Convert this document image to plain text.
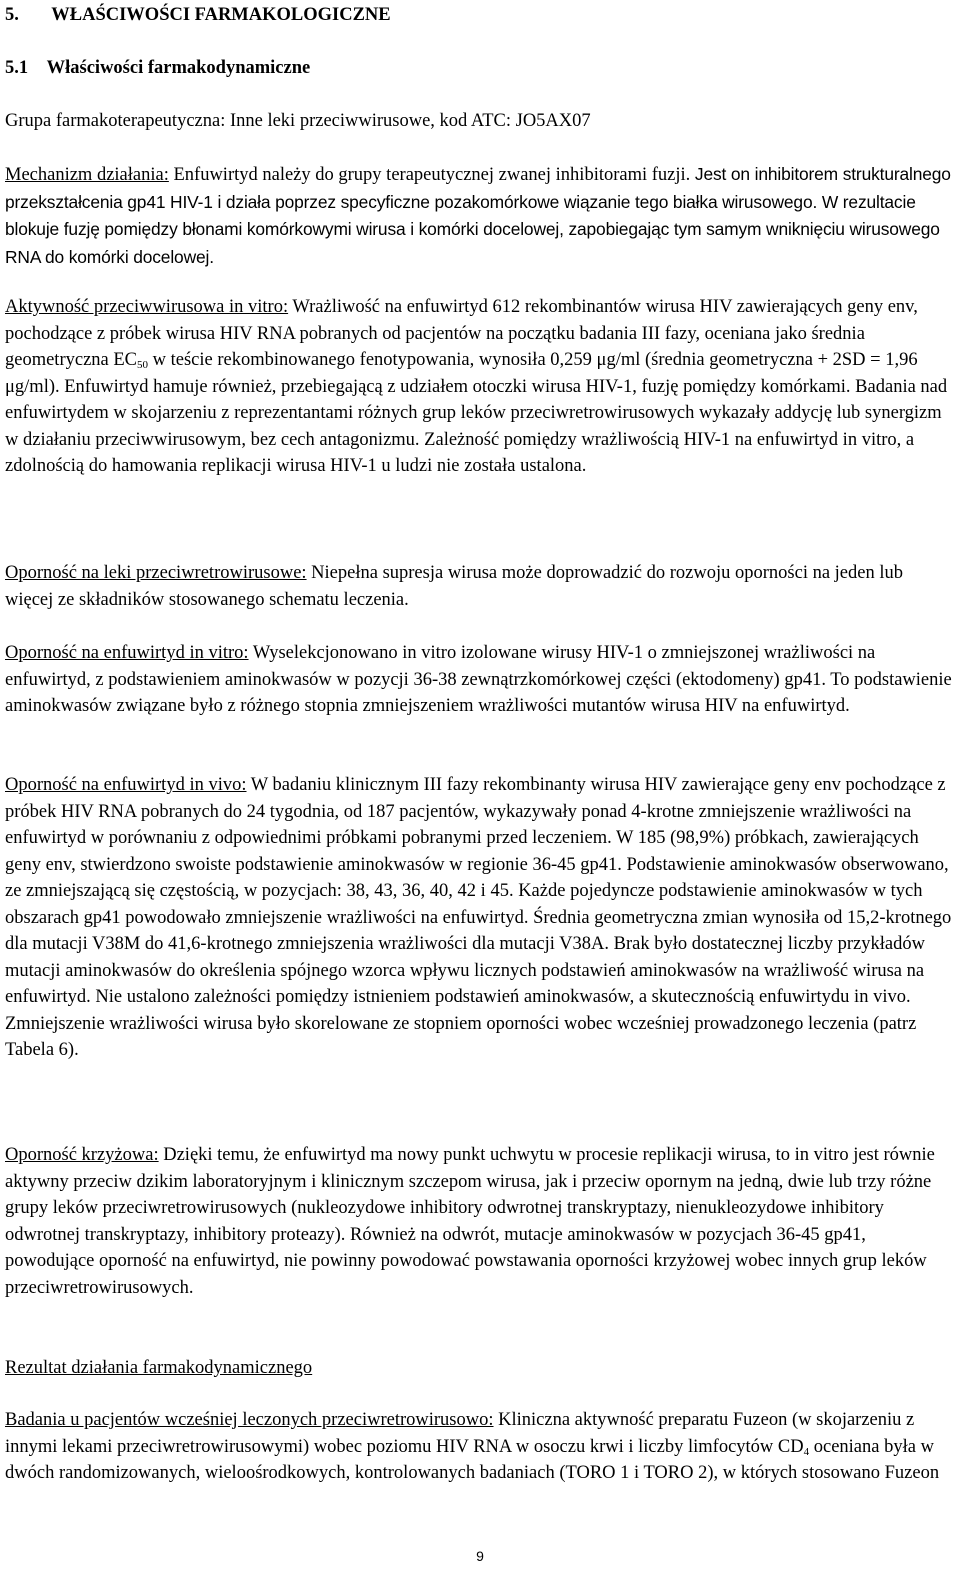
5.       WŁAŚCIWOŚCI FARMAKOLOGICZNE

5.1    Właściwości farmakodynamiczne

Grupa farmakoterapeutyczna: Inne leki przeciwwirusowe, kod ATC: JO5AX07

Mechanizm działania: Enfuwirtyd należy do grupy terapeutycznej zwanej inhibitorami fuzji. Jest on inhibitorem strukturalnego przekształcenia gp41 HIV-1 i działa poprzez specyficzne pozakomórkowe wiązanie tego białka wirusowego. W rezultacie blokuje fuzję pomiędzy błonami komórkowymi wirusa i komórki docelowej, zapobiegając tym samym wniknięciu wirusowego RNA do komórki docelowej.

Aktywność przeciwwirusowa in vitro: Wrażliwość na enfuwirtyd 612 rekombinantów wirusa HIV zawierających geny env, pochodzące z próbek wirusa HIV RNA pobranych od pacjentów na początku badania III fazy, oceniana jako średnia geometryczna $EC_{50}$ w teście rekombinowanego fenotypowania, wynosiła 0,259 μg/ml (średnia geometryczna + 2SD = 1,96 μg/ml). Enfuwirtyd hamuje również, przebiegającą z udziałem otoczki wirusa HIV-1, fuzję pomiędzy komórkami. Badania nad enfuwirtydem w skojarzeniu z reprezentantami różnych grup leków przeciwretrowirusowych wykazały addycję lub synergizm w działaniu przeciwwirusowym, bez cech antagonizmu. Zależność pomiędzy wrażliwością HIV-1 na enfuwirtyd in vitro, a zdolnością do hamowania replikacji wirusa HIV-1 u ludzi nie została ustalona.

Oporność na leki przeciwretrowirusowe: Niepełna supresja wirusa może doprowadzić do rozwoju oporności na jeden lub więcej ze składników stosowanego schematu leczenia.

Oporność na enfuwirtyd in vitro: Wyselekcjonowano in vitro izolowane wirusy HIV-1 o zmniejszonej wrażliwości na enfuwirtyd, z podstawieniem aminokwasów w pozycji 36-38 zewnątrzkomórkowej części (ektodomeny) gp41. To podstawienie aminokwasów związane było z różnego stopnia zmniejszeniem wrażliwości mutantów wirusa HIV na enfuwirtyd.

Oporność na enfuwirtyd in vivo: W badaniu klinicznym III fazy rekombinanty wirusa HIV zawierające geny env pochodzące z próbek HIV RNA pobranych do 24 tygodnia, od 187 pacjentów, wykazywały ponad 4-krotne zmniejszenie wrażliwości na enfuwirtyd w porównaniu z odpowiednimi próbkami pobranymi przed leczeniem. W 185 (98,9%) próbkach, zawierających geny env, stwierdzono swoiste podstawienie aminokwasów w regionie 36-45 gp41. Podstawienie aminokwasów obserwowano, ze zmniejszającą się częstością, w pozycjach: 38, 43, 36, 40, 42 i 45. Każde pojedyncze podstawienie aminokwasów w tych obszarach gp41 powodowało zmniejszenie wrażliwości na enfuwirtyd. Średnia geometryczna zmian wynosiła od 15,2-krotnego dla mutacji V38M do 41,6-krotnego zmniejszenia wrażliwości dla mutacji V38A. Brak było dostatecznej liczby przykładów mutacji aminokwasów do określenia spójnego wzorca wpływu licznych podstawień aminokwasów na wrażliwość wirusa na enfuwirtyd. Nie ustalono zależności pomiędzy istnieniem podstawień aminokwasów, a skutecznością enfuwirtydu in vivo. Zmniejszenie wrażliwości wirusa było skorelowane ze stopniem oporności wobec wcześniej prowadzonego leczenia (patrz Tabela 6).

Oporność krzyżowa: Dzięki temu, że enfuwirtyd ma nowy punkt uchwytu w procesie replikacji wirusa, to in vitro jest równie aktywny przeciw dzikim laboratoryjnym i klinicznym szczepom wirusa, jak i przeciw opornym na jedną, dwie lub trzy różne grupy leków przeciwretrowirusowych (nukleozydowe inhibitory odwrotnej transkryptazy, nienukleozydowe inhibitory odwrotnej transkryptazy, inhibitory proteazy). Również na odwrót, mutacje aminokwasów w pozycjach 36-45 gp41, powodujące oporność na enfuwirtyd, nie powinny powodować powstawania oporności krzyżowej wobec innych grup leków przeciwretrowirusowych.

Rezultat działania farmakodynamicznego

Badania u pacjentów wcześniej leczonych przeciwretrowirusowo: Kliniczna aktywność preparatu Fuzeon (w skojarzeniu z innymi lekami przeciwretrowirusowymi) wobec poziomu HIV RNA w osoczu krwi i liczby limfocytów $CD_4$ oceniana była w dwóch randomizowanych, wieloośrodkowych, kontrolowanych badaniach (TORO 1 i TORO 2), w których stosowano Fuzeon

9
